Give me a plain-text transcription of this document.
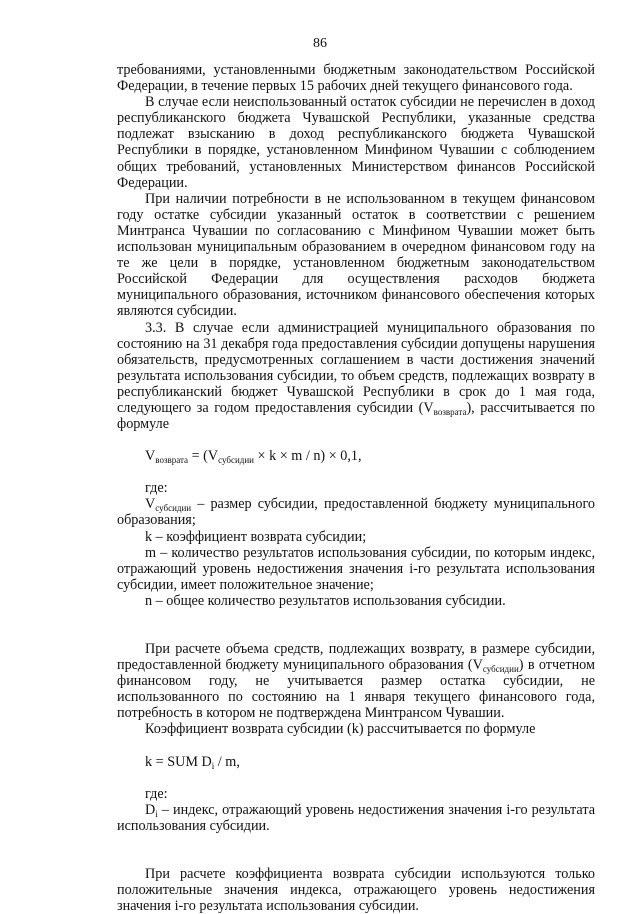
86

требованиями, установленными бюджетным законодательством Российской Федерации, в течение первых 15 рабочих дней текущего финансового года.

В случае если неиспользованный остаток субсидии не перечислен в доход республиканского бюджета Чувашской Республики, указанные средства подлежат взысканию в доход республиканского бюджета Чувашской Республики в порядке, установленном Минфином Чувашии с соблюдением общих требований, установленных Министерством финансов Российской Федерации.

При наличии потребности в не использованном в текущем финансовом году остатке субсидии указанный остаток в соответствии с решением Минтранса Чувашии по согласованию с Минфином Чувашии может быть использован муниципальным образованием в очередном финансовом году на те же цели в порядке, установленном бюджетным законодательством Российской Федерации для осуществления расходов бюджета муниципального образования, источником финансового обеспечения которых являются субсидии.

3.3. В случае если администрацией муниципального образования по состоянию на 31 декабря года предоставления субсидии допущены нарушения обязательств, предусмотренных соглашением в части достижения значений результата использования субсидии, то объем средств, подлежащих возврату в республиканский бюджет Чувашской Республики в срок до 1 мая года, следующего за годом предоставления субсидии $(V_{возврата})$, рассчитывается по формуле

$V_{возврата} = (V_{субсидии} \times k \times m / n) \times 0,1$,

где:

$V_{субсидии}$ – размер субсидии, предоставленной бюджету муниципального образования;

k – коэффициент возврата субсидии;

m – количество результатов использования субсидии, по которым индекс, отражающий уровень недостижения значения i-го результата использования субсидии, имеет положительное значение;

n – общее количество результатов использования субсидии.

При расчете объема средств, подлежащих возврату, в размере субсидии, предоставленной бюджету муниципального образования $(V_{субсидии})$ в отчетном финансовом году, не учитывается размер остатка субсидии, не использованного по состоянию на 1 января текущего финансового года, потребность в котором не подтверждена Минтрансом Чувашии.

Коэффициент возврата субсидии (k) рассчитывается по формуле

k = SUM $D_i$ / m,

где:

$D_i$ – индекс, отражающий уровень недостижения значения i-го результата использования субсидии.

При расчете коэффициента возврата субсидии используются только положительные значения индекса, отражающего уровень недостижения значения i-го результата использования субсидии.
